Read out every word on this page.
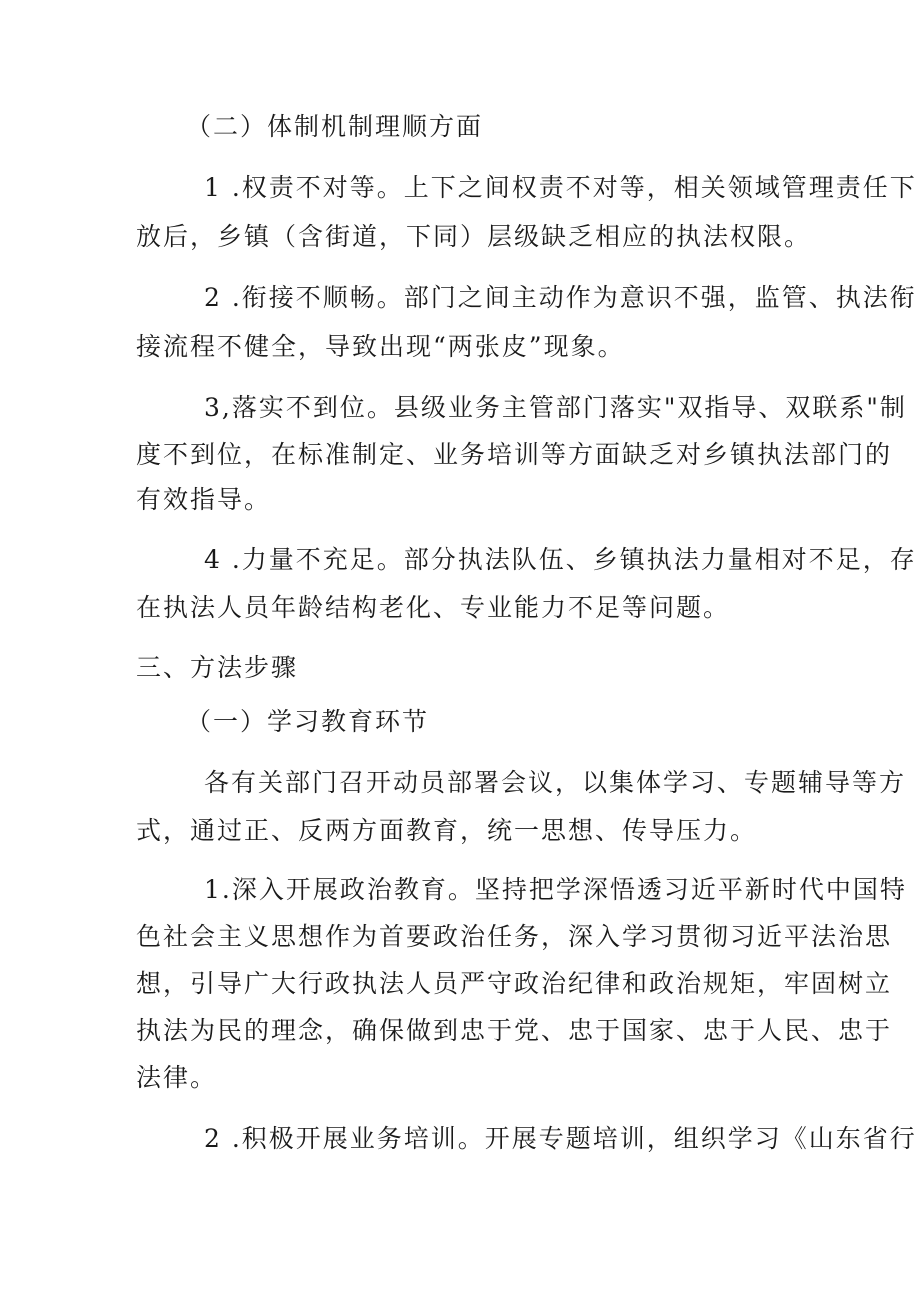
（二）体制机制理顺方面
1 .权责不对等。上下之间权责不对等，相关领域管理责任下
放后，乡镇（含街道，下同）层级缺乏相应的执法权限。
2 .衔接不顺畅。部门之间主动作为意识不强，监管、执法衔
接流程不健全，导致出现“两张皮”现象。
3,落实不到位。县级业务主管部门落实"双指导、双联系"制
度不到位，在标准制定、业务培训等方面缺乏对乡镇执法部门的
有效指导。
4 .力量不充足。部分执法队伍、乡镇执法力量相对不足，存
在执法人员年龄结构老化、专业能力不足等问题。
三、方法步骤
（一）学习教育环节
各有关部门召开动员部署会议，以集体学习、专题辅导等方
式，通过正、反两方面教育，统一思想、传导压力。
1.深入开展政治教育。坚持把学深悟透习近平新时代中国特
色社会主义思想作为首要政治任务，深入学习贯彻习近平法治思
想，引导广大行政执法人员严守政治纪律和政治规矩，牢固树立
执法为民的理念，确保做到忠于党、忠于国家、忠于人民、忠于
法律。
2 .积极开展业务培训。开展专题培训，组织学习《山东省行
